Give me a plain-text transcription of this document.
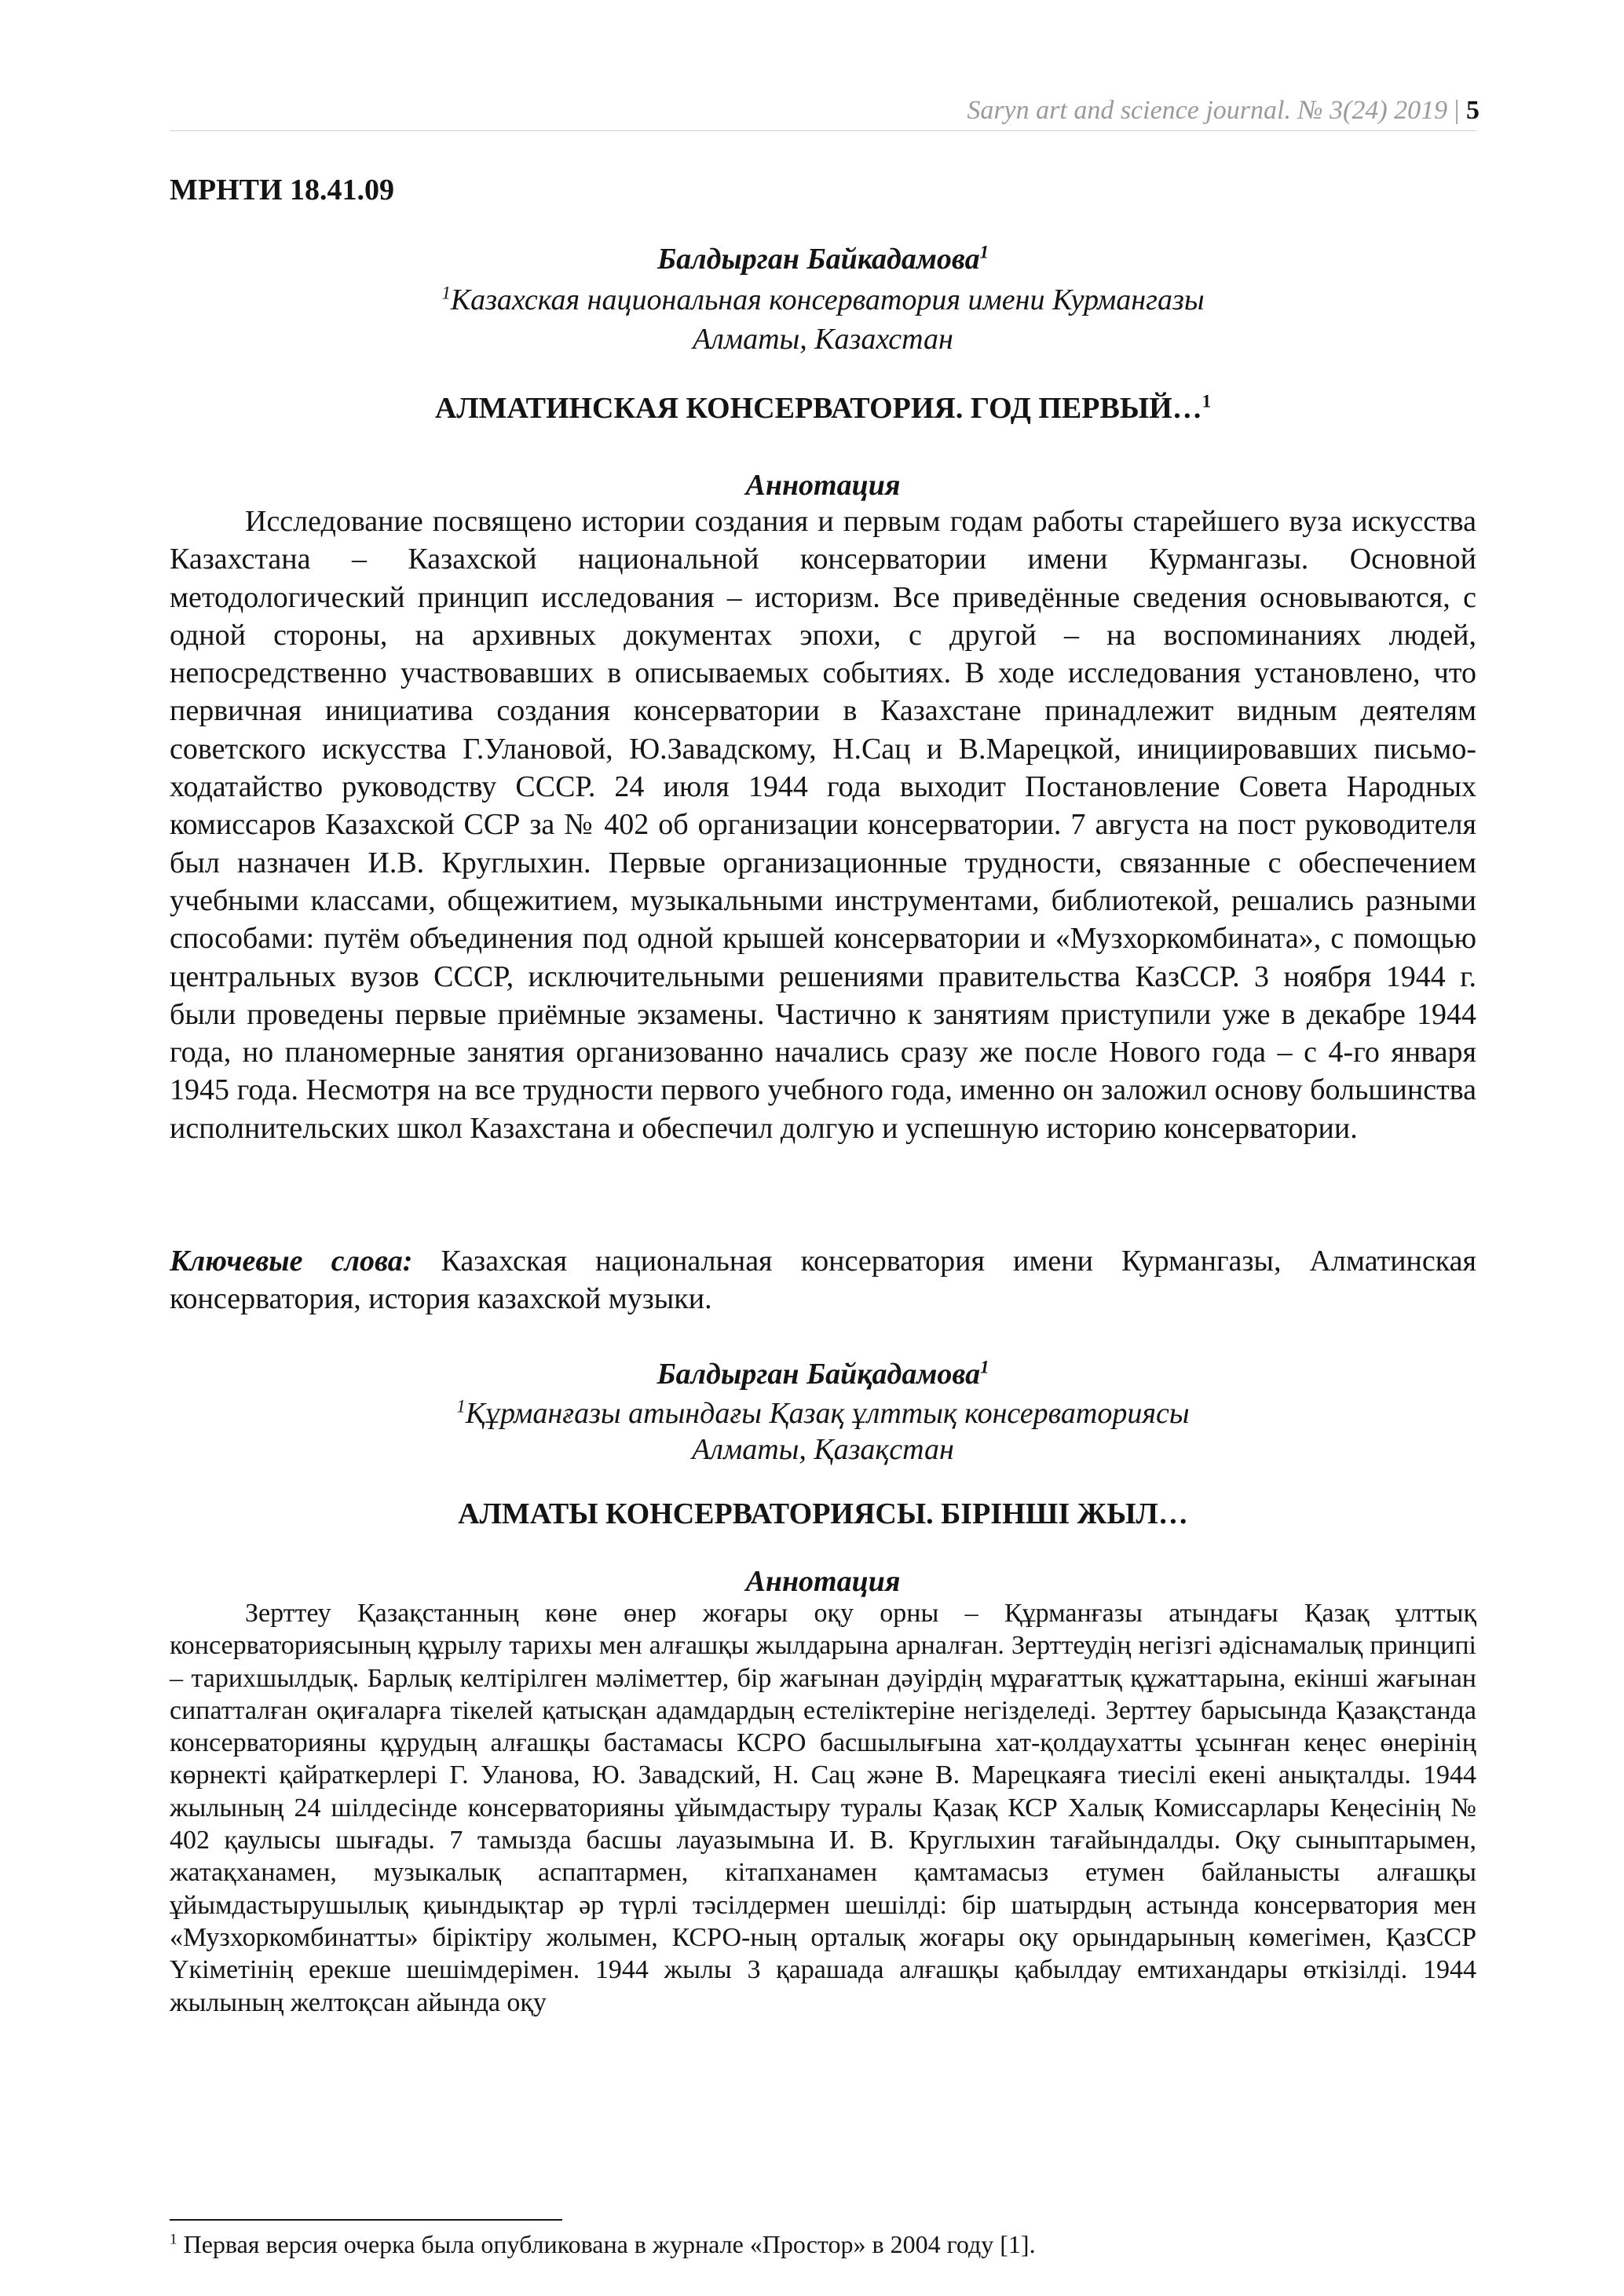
Saryn art and science journal. № 3(24) 2019 | 5
МРНТИ 18.41.09
Балдырган Байкадамова$^1$
$^1$Казахская национальная консерватория имени Курмангазы
Алматы, Казахстан
АЛМАТИНСКАЯ КОНСЕРВАТОРИЯ. ГОД ПЕРВЫЙ…$^1$
Аннотация
Исследование посвящено истории создания и первым годам работы старейшего вуза искусства Казахстана – Казахской национальной консерватории имени Курмангазы. Основной методологический принцип исследования – историзм. Все приведённые сведения основываются, с одной стороны, на архивных документах эпохи, с другой – на воспоминаниях людей, непосредственно участвовавших в описываемых событиях. В ходе исследования установлено, что первичная инициатива создания консерватории в Казахстане принадлежит видным деятелям советского искусства Г.Улановой, Ю.Завадскому, Н.Сац и В.Марецкой, инициировавших письмо-ходатайство руководству СССР. 24 июля 1944 года выходит Постановление Совета Народных комиссаров Казахской ССР за № 402 об организации консерватории. 7 августа на пост руководителя был назначен И.В. Круглыхин. Первые организационные трудности, связанные с обеспечением учебными классами, общежитием, музыкальными инструментами, библиотекой, решались разными способами: путём объединения под одной крышей консерватории и «Музхоркомбината», с помощью центральных вузов СССР, исключительными решениями правительства КазССР. 3 ноября 1944 г. были проведены первые приёмные экзамены. Частично к занятиям приступили уже в декабре 1944 года, но планомерные занятия организованно начались сразу же после Нового года – с 4-го января 1945 года. Несмотря на все трудности первого учебного года, именно он заложил основу большинства исполнительских школ Казахстана и обеспечил долгую и успешную историю консерватории.
Ключевые слова: Казахская национальная консерватория имени Курмангазы, Алматинская консерватория, история казахской музыки.
Балдырган Байқадамова$^1$
$^1$Құрманғазы атындағы Қазақ ұлттық консерваториясы
Алматы, Қазақстан
АЛМАТЫ КОНСЕРВАТОРИЯСЫ. БІРІНШІ ЖЫЛ…
Аннотация
Зерттеу Қазақстанның көне өнер жоғары оқу орны – Құрманғазы атындағы Қазақ ұлттық консерваториясының құрылу тарихы мен алғашқы жылдарына арналған. Зерттеудің негізгі әдіснамалық принципі – тарихшылдық. Барлық келтірілген мәліметтер, бір жағынан дәуірдің мұрағаттық құжаттарына, екінші жағынан сипатталған оқиғаларға тікелей қатысқан адамдардың естеліктеріне негізделеді. Зерттеу барысында Қазақстанда консерваторияны құрудың алғашқы бастамасы КСРО басшылығына хат-қолдаухатты ұсынған кеңес өнерінің көрнекті қайраткерлері Г. Уланова, Ю. Завадский, Н. Сац және В. Марецкаяға тиесілі екені анықталды. 1944 жылының 24 шілдесінде консерваторияны ұйымдастыру туралы Қазақ КСР Халық Комиссарлары Кеңесінің № 402 қаулысы шығады. 7 тамызда басшы лауазымына И. В. Круглыхин тағайындалды. Оқу сыныптарымен, жатақханамен, музыкалық аспаптармен, кітапханамен қамтамасыз етумен байланысты алғашқы ұйымдастырушылық қиындықтар әр түрлі тәсілдермен шешілді: бір шатырдың астында консерватория мен «Музхоркомбинатты» біріктіру жолымен, КСРО-ның орталық жоғары оқу орындарының көмегімен, ҚазССР Үкіметінің ерекше шешімдерімен. 1944 жылы 3 қарашада алғашқы қабылдау емтихандары өткізілді. 1944 жылының желтоқсан айында оқу
$^1$ Первая версия очерка была опубликована в журнале «Простор» в 2004 году [1].
